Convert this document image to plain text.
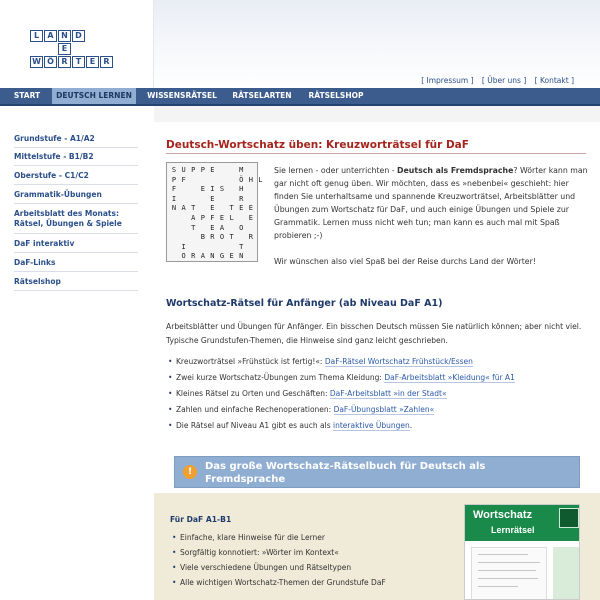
L	A N D
E
W Ö R	T	E	R
[ Impressum ] [ Über uns ] [ Kontakt ]
START	DEUTSCH LERNEN	WISSENSRÄTSEL	RÄTSELARTEN	RÄTSELSHOP
Grundstufe - A1/A2
Mittelstufe - B1/B2
Oberstufe - C1/C2
Grammatik-Übungen
Arbeitsblatt des Monats:
Rätsel, Übungen & Spiele
DaF interaktiv
DaF-Links
Rätselshop
Deutsch-Wortschatz üben: Kreuzworträtsel für DaF
S U P P E	M
P F	Ö H L
F	E I S	H
I	E	R
N A T	E	T E E
A P F E L	E
T	E A	O
B R O T	R
I	T
O R A N G E N
Sie lernen - oder unterrichten - Deutsch als Fremdsprache? Wörter kann man gar nicht oft genug üben. Wir möchten, dass es »nebenbei« geschieht: hier finden Sie unterhaltsame und spannende Kreuzworträtsel, Arbeitsblätter und Übungen zum Wortschatz für DaF, und auch einige Übungen und Spiele zur Grammatik. Lernen muss nicht weh tun; man kann es auch mal mit Spaß probieren ;-)
Wir wünschen also viel Spaß bei der Reise durchs Land der Wörter!
Wortschatz-Rätsel für Anfänger (ab Niveau DaF A1)
Arbeitsblätter und Übungen für Anfänger. Ein bisschen Deutsch müssen Sie natürlich können; aber nicht viel. Typische Grundstufen-Themen, die Hinweise sind ganz leicht geschrieben.
• Kreuzworträtsel »Frühstück ist fertig!«: DaF-Rätsel Wortschatz Frühstück/Essen
• Zwei kurze Wortschatz-Übungen zum Thema Kleidung: DaF-Arbeitsblatt »Kleidung« für A1
• Kleines Rätsel zu Orten und Geschäften: DaF-Arbeitsblatt »in der Stadt«
• Zahlen und einfache Rechenoperationen: DaF-Übungsblatt »Zahlen«
• Die Rätsel auf Niveau A1 gibt es auch als interaktive Übungen.
!	Das große Wortschatz-Rätselbuch für Deutsch als Fremdsprache
Für DaF A1-B1
• Einfache, klare Hinweise für die Lerner
• Sorgfältig konnotiert: »Wörter im Kontext«
• Viele verschiedene Übungen und Rätseltypen
• Alle wichtigen Wortschatz-Themen der Grundstufe DaF
Wortschatz
Lernrätsel
